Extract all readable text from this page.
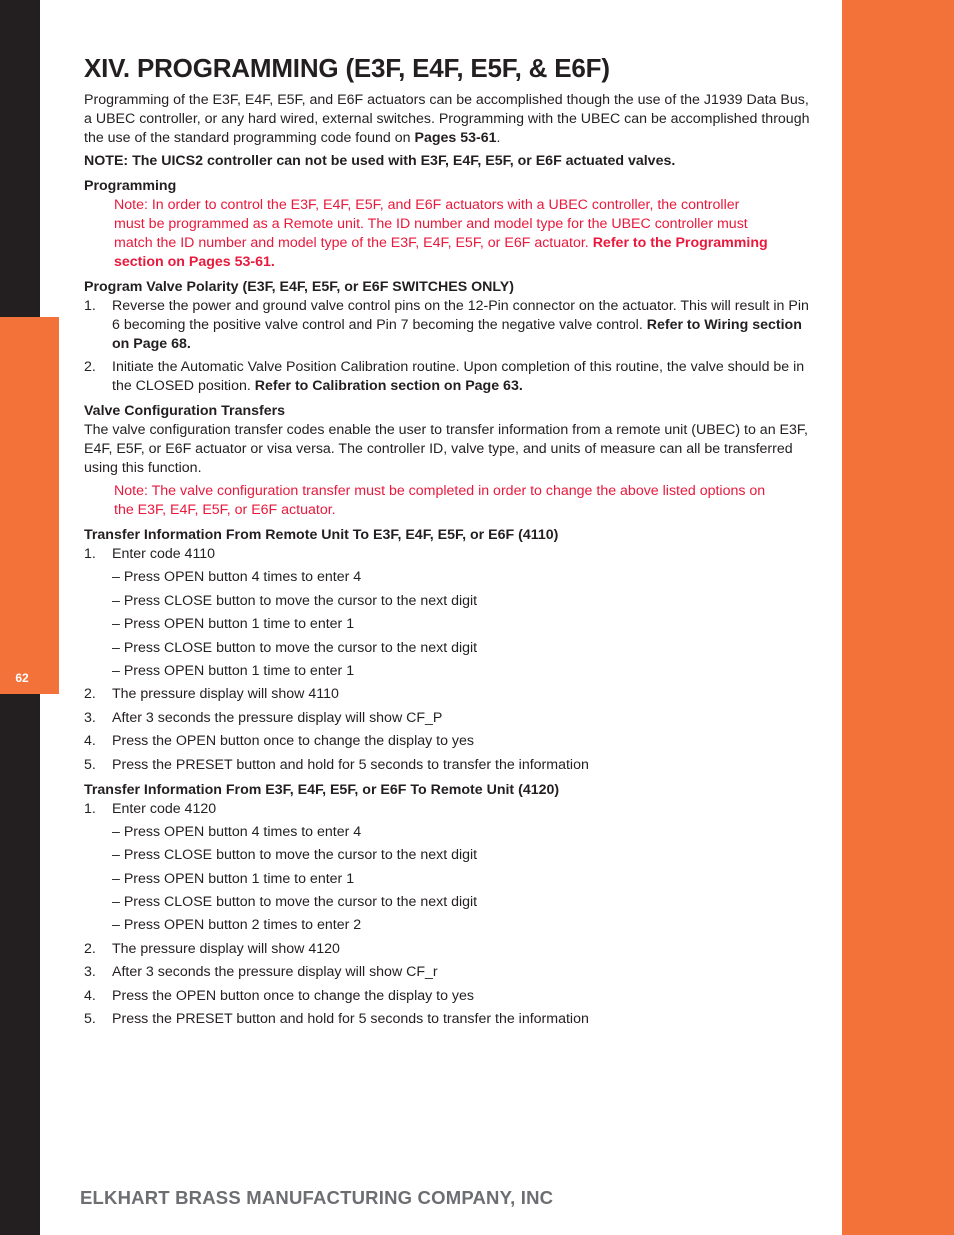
62
XIV. PROGRAMMING (E3F, E4F, E5F, & E6F)

Programming of the E3F, E4F, E5F, and E6F actuators can be accomplished though the use of the J1939 Data Bus, a UBEC controller, or any hard wired, external switches. Programming with the UBEC can be accomplished through the use of the standard programming code found on Pages 53-61.

NOTE: The UICS2 controller can not be used with E3F, E4F, E5F, or E6F actuated valves.

Programming

Note: In order to control the E3F, E4F, E5F, and E6F actuators with a UBEC controller, the controller must be programmed as a Remote unit. The ID number and model type for the UBEC controller must match the ID number and model type of the E3F, E4F, E5F, or E6F actuator. Refer to the Programming section on Pages 53-61.

Program Valve Polarity (E3F, E4F, E5F, or E6F SWITCHES ONLY)

1. Reverse the power and ground valve control pins on the 12-Pin connector on the actuator. This will result in Pin 6 becoming the positive valve control and Pin 7 becoming the negative valve control. Refer to Wiring section on Page 68.
2. Initiate the Automatic Valve Position Calibration routine. Upon completion of this routine, the valve should be in the CLOSED position. Refer to Calibration section on Page 63.

Valve Configuration Transfers

The valve configuration transfer codes enable the user to transfer information from a remote unit (UBEC) to an E3F, E4F, E5F, or E6F actuator or visa versa. The controller ID, valve type, and units of measure can all be transferred using this function.

Note: The valve configuration transfer must be completed in order to change the above listed options on the E3F, E4F, E5F, or E6F actuator.

Transfer Information From Remote Unit To E3F, E4F, E5F, or E6F (4110)

1. Enter code 4110
– Press OPEN button 4 times to enter 4
– Press CLOSE button to move the cursor to the next digit
– Press OPEN button 1 time to enter 1
– Press CLOSE button to move the cursor to the next digit
– Press OPEN button 1 time to enter 1
2. The pressure display will show 4110
3. After 3 seconds the pressure display will show CF_P
4. Press the OPEN button once to change the display to yes
5. Press the PRESET button and hold for 5 seconds to transfer the information

Transfer Information From E3F, E4F, E5F, or E6F To Remote Unit (4120)

1. Enter code 4120
– Press OPEN button 4 times to enter 4
– Press CLOSE button to move the cursor to the next digit
– Press OPEN button 1 time to enter 1
– Press CLOSE button to move the cursor to the next digit
– Press OPEN button 2 times to enter 2
2. The pressure display will show 4120
3. After 3 seconds the pressure display will show CF_r
4. Press the OPEN button once to change the display to yes
5. Press the PRESET button and hold for 5 seconds to transfer the information
ELKHART BRASS MANUFACTURING COMPANY, INC
